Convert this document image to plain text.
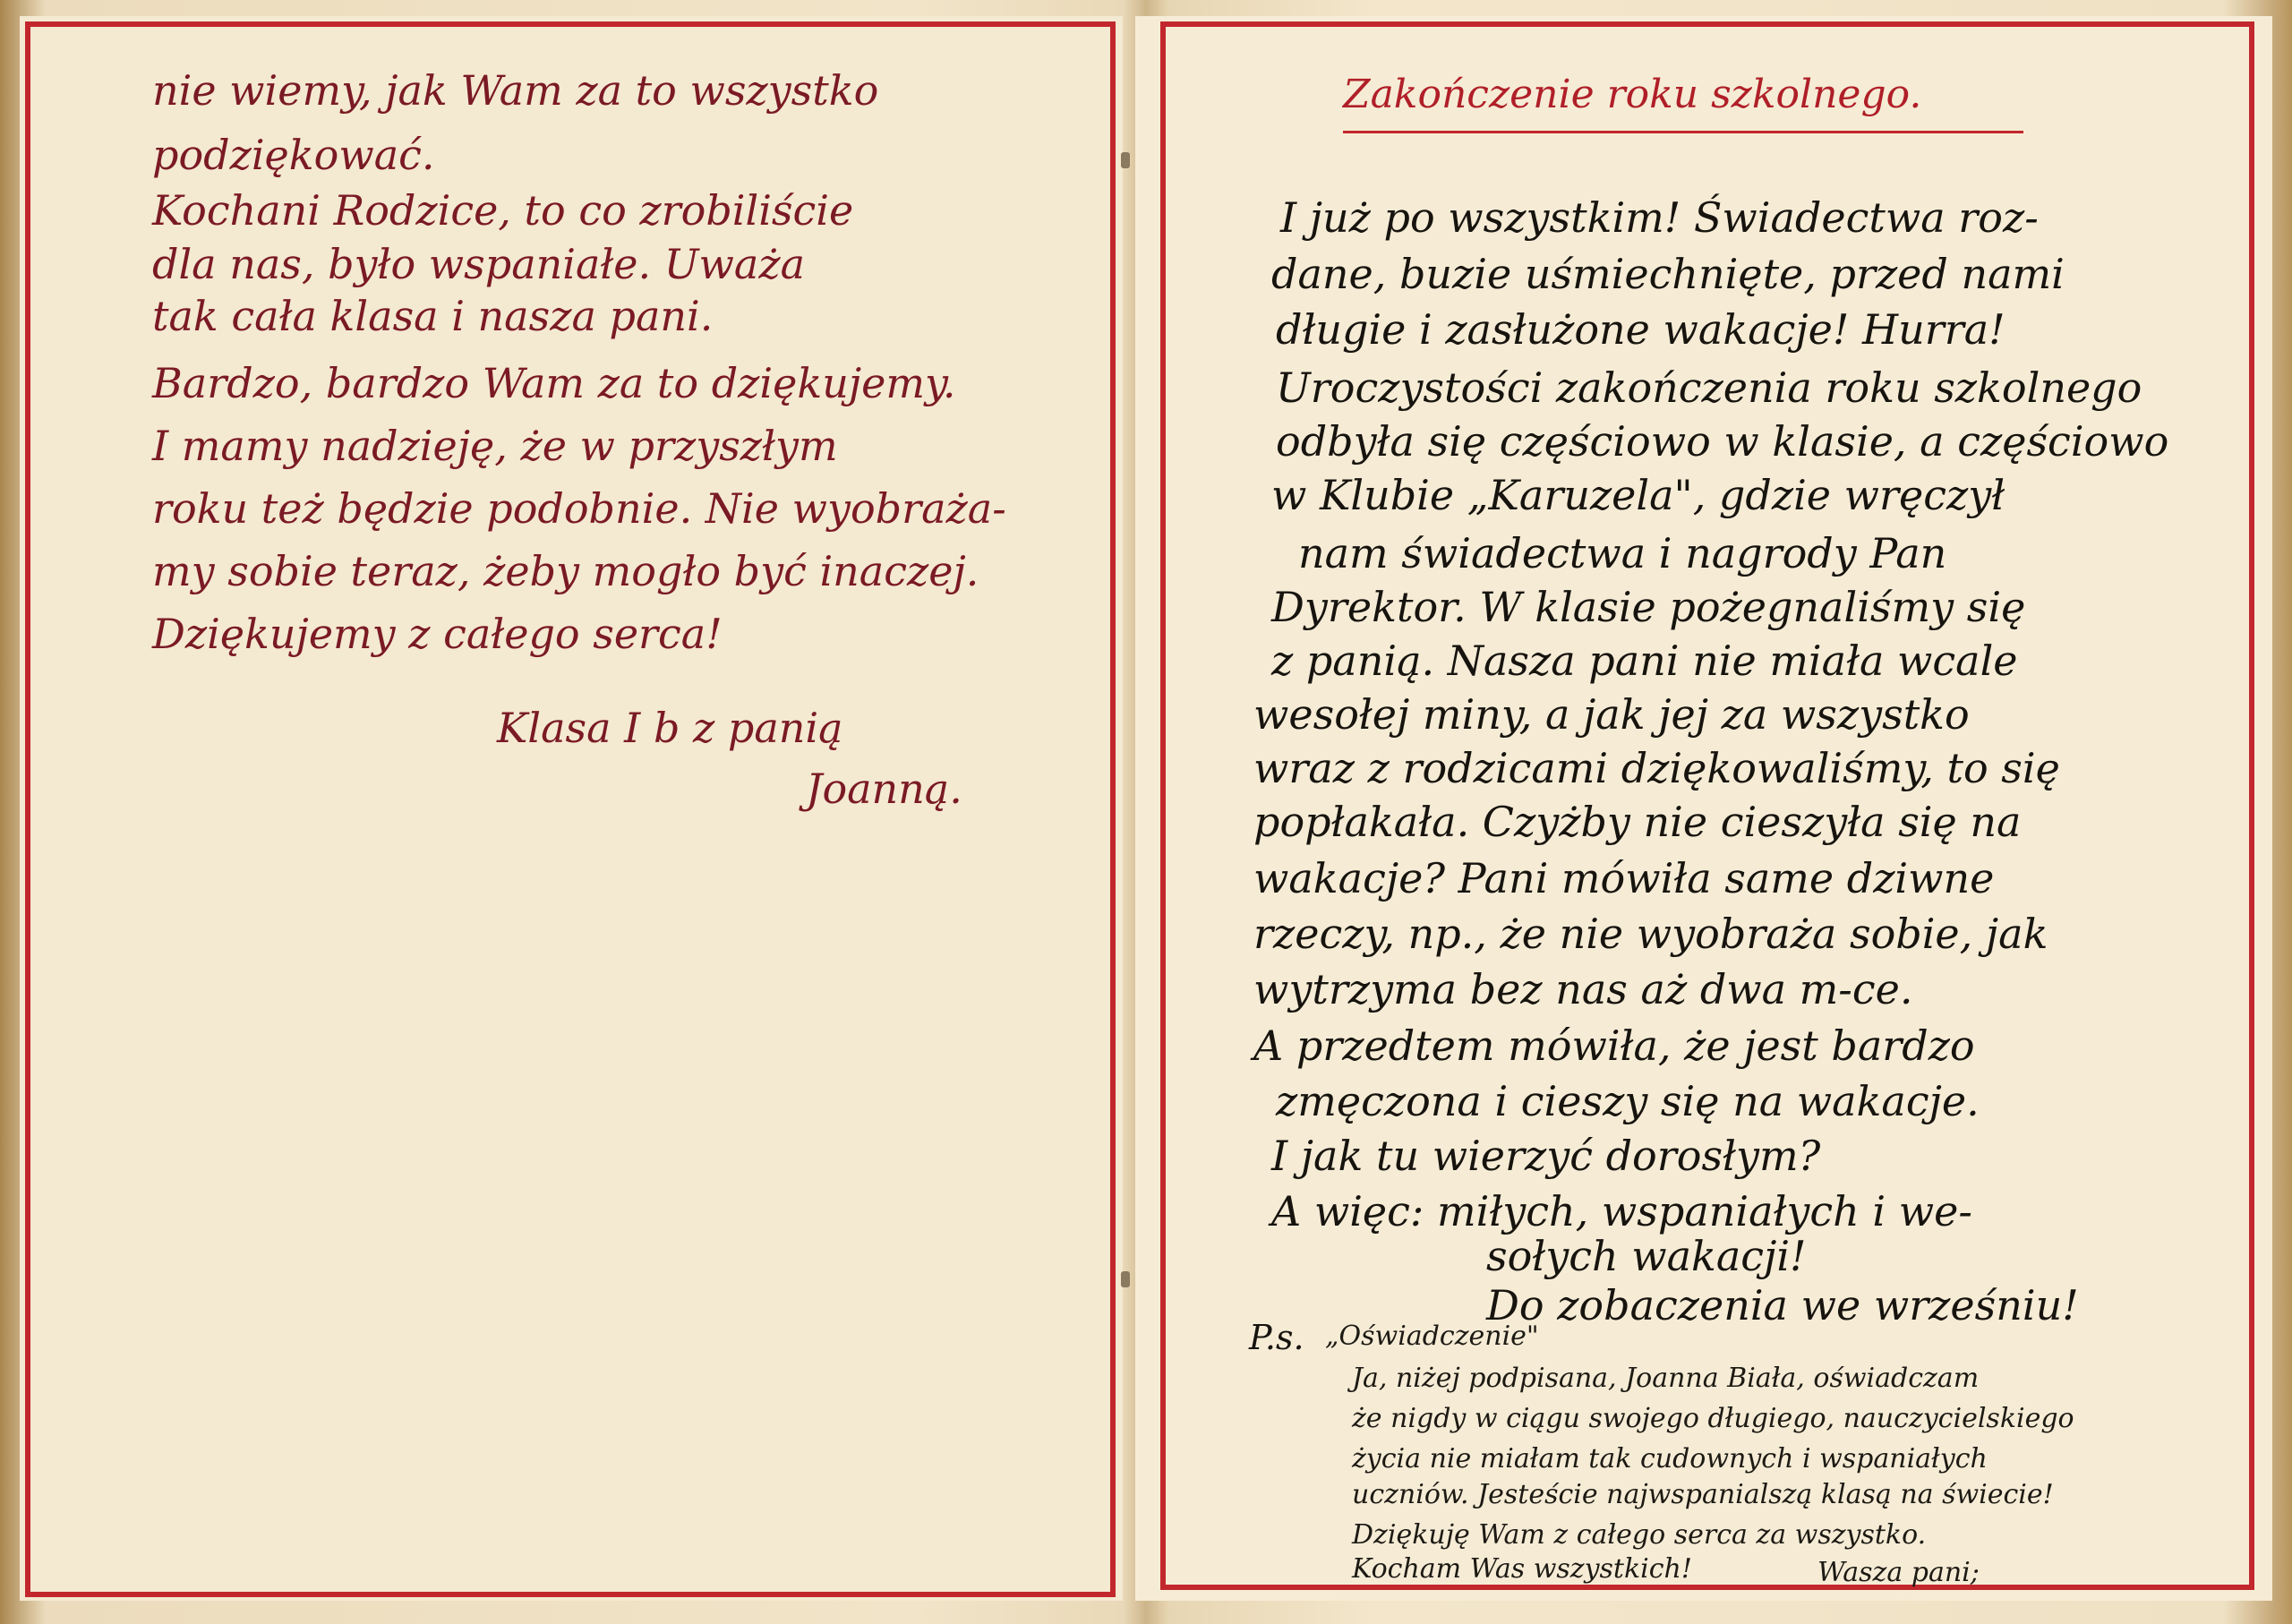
nie wiemy, jak Wam za to wszystko
podziękować.
Kochani Rodzice, to co zrobiliście
dla nas, było wspaniałe. Uważa
tak cała klasa i nasza pani.
Bardzo, bardzo Wam za to dziękujemy.
I mamy nadzieję, że w przyszłym
roku też będzie podobnie. Nie wyobraża-
my sobie teraz, żeby mogło być inaczej.
Dziękujemy z całego serca!
Klasa I b z panią
Joanną.
Zakończenie roku szkolnego.
I już po wszystkim! Świadectwa roz-
dane, buzie uśmiechnięte, przed nami
długie i zasłużone wakacje! Hurra!
Uroczystości zakończenia roku szkolnego
odbyła się częściowo w klasie, a częściowo
w Klubie „Karuzela", gdzie wręczył
nam świadectwa i nagrody Pan
Dyrektor. W klasie pożegnaliśmy się
z panią. Nasza pani nie miała wcale
wesołej miny, a jak jej za wszystko
wraz z rodzicami dziękowaliśmy, to się
popłakała. Czyżby nie cieszyła się na
wakacje? Pani mówiła same dziwne
rzeczy, np., że nie wyobraża sobie, jak
wytrzyma bez nas aż dwa m-ce.
A przedtem mówiła, że jest bardzo
zmęczona i cieszy się na wakacje.
I jak tu wierzyć dorosłym?
A więc: miłych, wspaniałych i we-
sołych wakacji!
Do zobaczenia we wrześniu!
P.s. „Oświadczenie"
Ja, niżej podpisana, Joanna Biała, oświadczam
że nigdy w ciągu swojego długiego, nauczycielskiego
życia nie miałam tak cudownych i wspaniałych
uczniów. Jesteście najwspanialszą klasą na świecie!
Dziękuję Wam z całego serca za wszystko.
Kocham Was wszystkich!	Wasza pani;
